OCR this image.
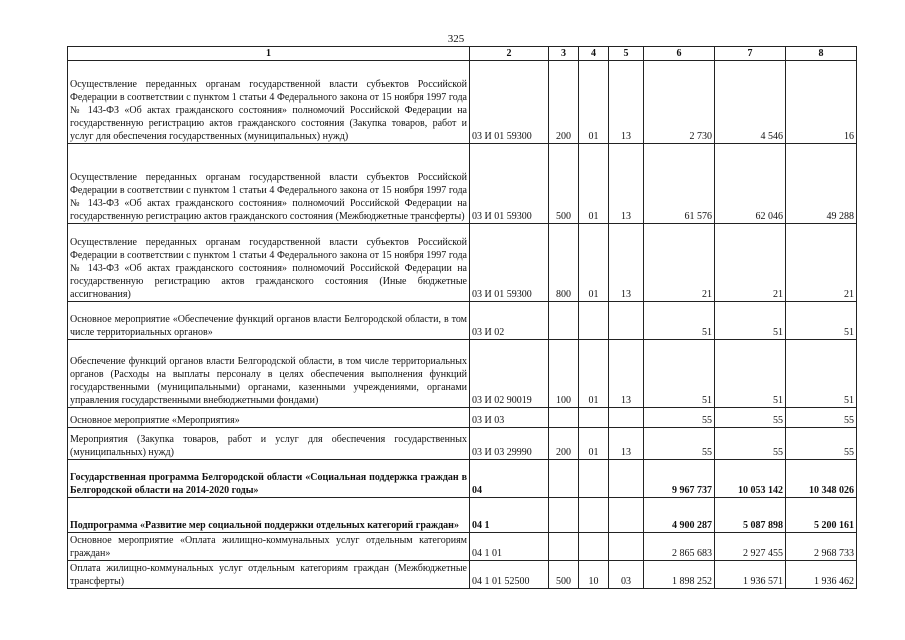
325
1	2	3	4	5	6	7	8
Осуществление переданных органам государственной власти субъектов Российской Федерации в соответствии с пунктом 1 статьи 4 Федерального закона от 15 ноября 1997 года № 143-ФЗ «Об актах гражданского состояния» полномочий Российской Федерации на государственную регистрацию актов гражданского состояния (Закупка товаров, работ и услуг для обеспечения государственных (муниципальных) нужд)	03 И 01 59300	200	01	13	2 730	4 546	16
Осуществление переданных органам государственной власти субъектов Российской Федерации в соответствии с пунктом 1 статьи 4 Федерального закона от 15 ноября 1997 года № 143-ФЗ «Об актах гражданского состояния» полномочий Российской Федерации на государственную регистрацию актов гражданского состояния (Межбюджетные трансферты)	03 И 01 59300	500	01	13	61 576	62 046	49 288
Осуществление переданных органам государственной власти субъектов Российской Федерации в соответствии с пунктом 1 статьи 4 Федерального закона от 15 ноября 1997 года № 143-ФЗ «Об актах гражданского состояния» полномочий Российской Федерации на государственную регистрацию актов гражданского состояния (Иные бюджетные ассигнования)	03 И 01 59300	800	01	13	21	21	21
Основное мероприятие «Обеспечение функций органов власти Белгородской области, в том числе территориальных органов»	03 И 02				51	51	51
Обеспечение функций органов власти Белгородской области, в том числе территориальных органов (Расходы на выплаты персоналу в целях обеспечения выполнения функций государственными (муниципальными) органами, казенными учреждениями, органами управления государственными внебюджетными фондами)	03 И 02 90019	100	01	13	51	51	51
Основное мероприятие «Мероприятия»	03 И 03				55	55	55
Мероприятия (Закупка товаров, работ и услуг для обеспечения государственных (муниципальных) нужд)	03 И 03 29990	200	01	13	55	55	55
Государственная программа Белгородской области «Социальная поддержка граждан в Белгородской области на 2014-2020 годы»	04				9 967 737	10 053 142	10 348 026
Подпрограмма «Развитие мер социальной поддержки отдельных категорий граждан»	04 1				4 900 287	5 087 898	5 200 161
Основное мероприятие «Оплата жилищно-коммунальных услуг отдельным категориям граждан»	04 1 01				2 865 683	2 927 455	2 968 733
Оплата жилищно-коммунальных услуг отдельным категориям граждан (Межбюджетные трансферты)	04 1 01 52500	500	10	03	1 898 252	1 936 571	1 936 462
